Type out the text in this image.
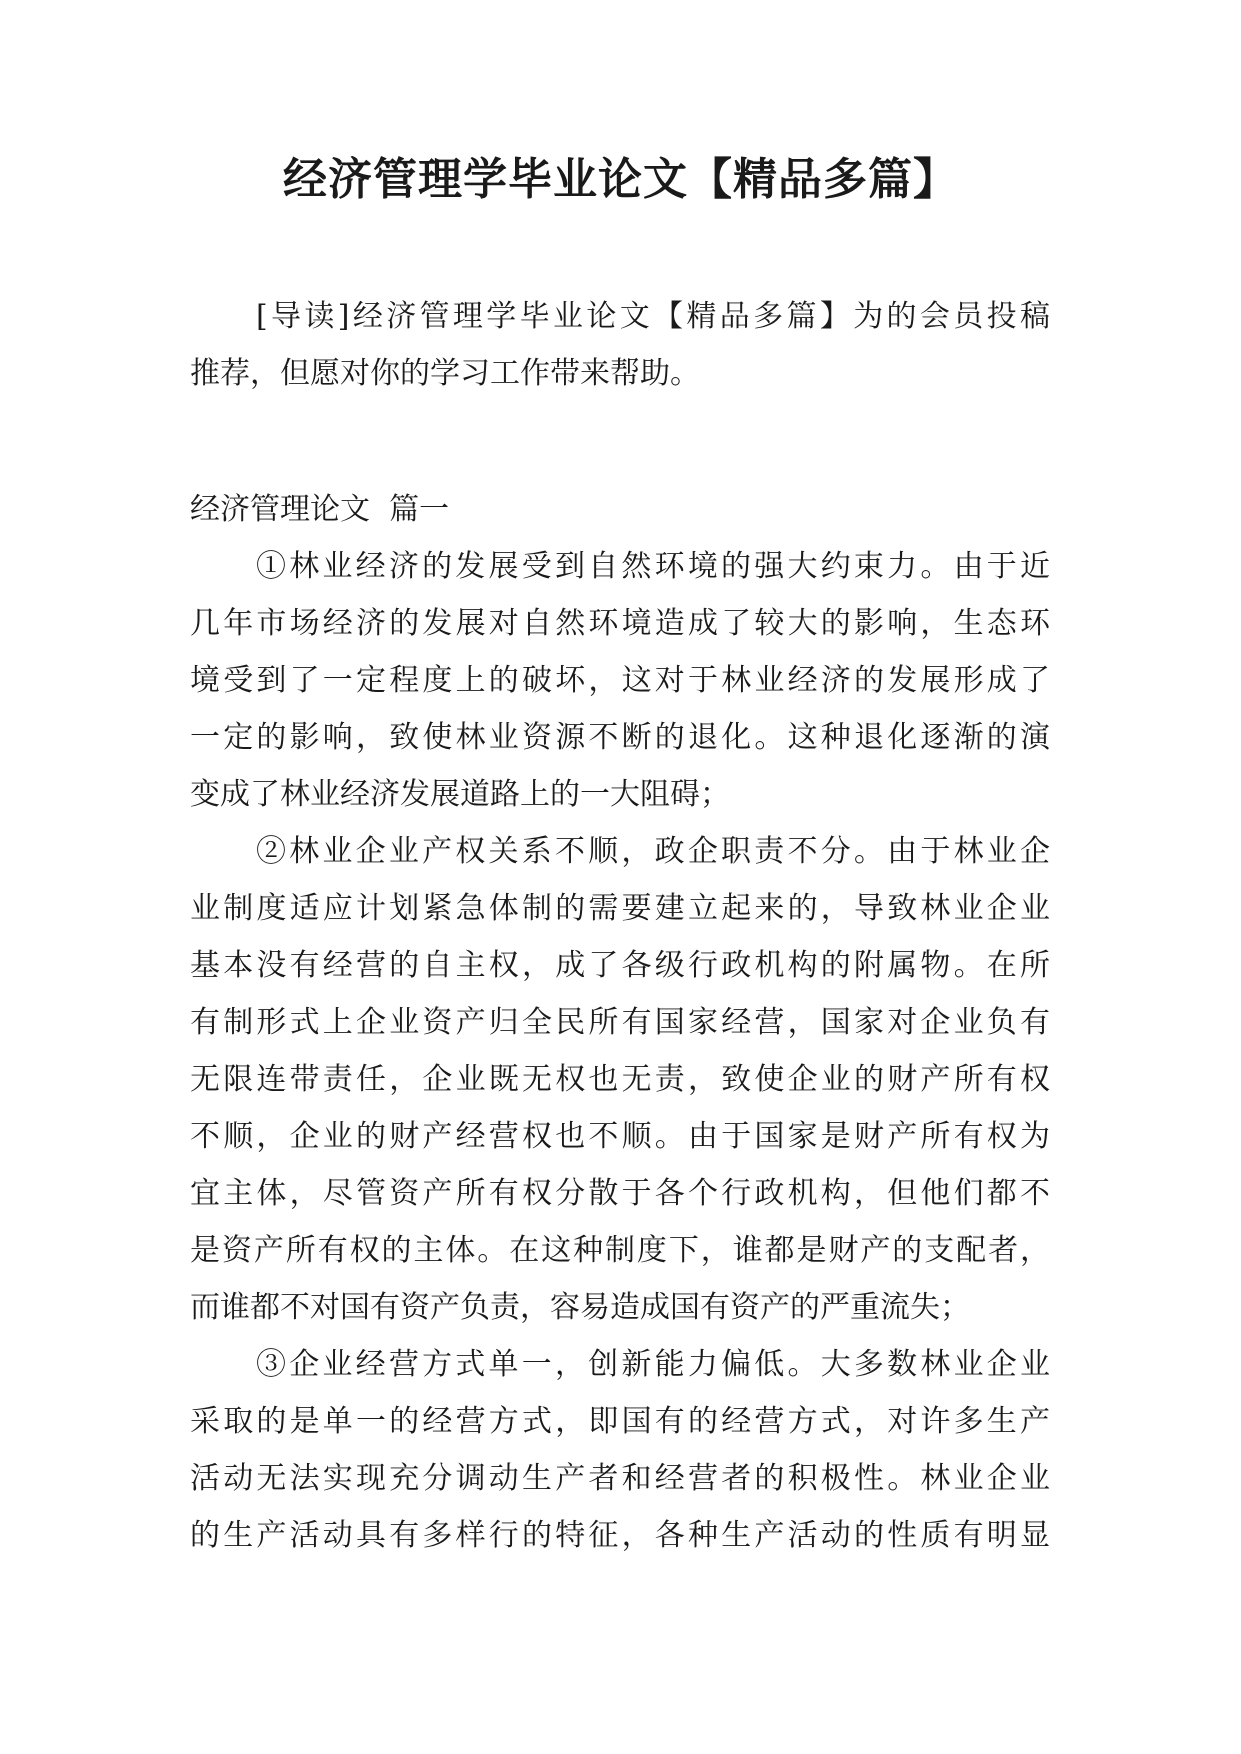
经济管理学毕业论文【精品多篇】
[导读]经济管理学毕业论文【精品多篇】为的会员投稿
推荐，但愿对你的学习工作带来帮助。
经济管理论文  篇一
①林业经济的发展受到自然环境的强大约束力。由于近
几年市场经济的发展对自然环境造成了较大的影响，生态环
境受到了一定程度上的破坏，这对于林业经济的发展形成了
一定的影响，致使林业资源不断的退化。这种退化逐渐的演
变成了林业经济发展道路上的一大阻碍；
②林业企业产权关系不顺，政企职责不分。由于林业企
业制度适应计划紧急体制的需要建立起来的，导致林业企业
基本没有经营的自主权，成了各级行政机构的附属物。在所
有制形式上企业资产归全民所有国家经营，国家对企业负有
无限连带责任，企业既无权也无责，致使企业的财产所有权
不顺，企业的财产经营权也不顺。由于国家是财产所有权为
宜主体，尽管资产所有权分散于各个行政机构，但他们都不
是资产所有权的主体。在这种制度下，谁都是财产的支配者，
而谁都不对国有资产负责，容易造成国有资产的严重流失；
③企业经营方式单一，创新能力偏低。大多数林业企业
采取的是单一的经营方式，即国有的经营方式，对许多生产
活动无法实现充分调动生产者和经营者的积极性。林业企业
的生产活动具有多样行的特征，各种生产活动的性质有明显
